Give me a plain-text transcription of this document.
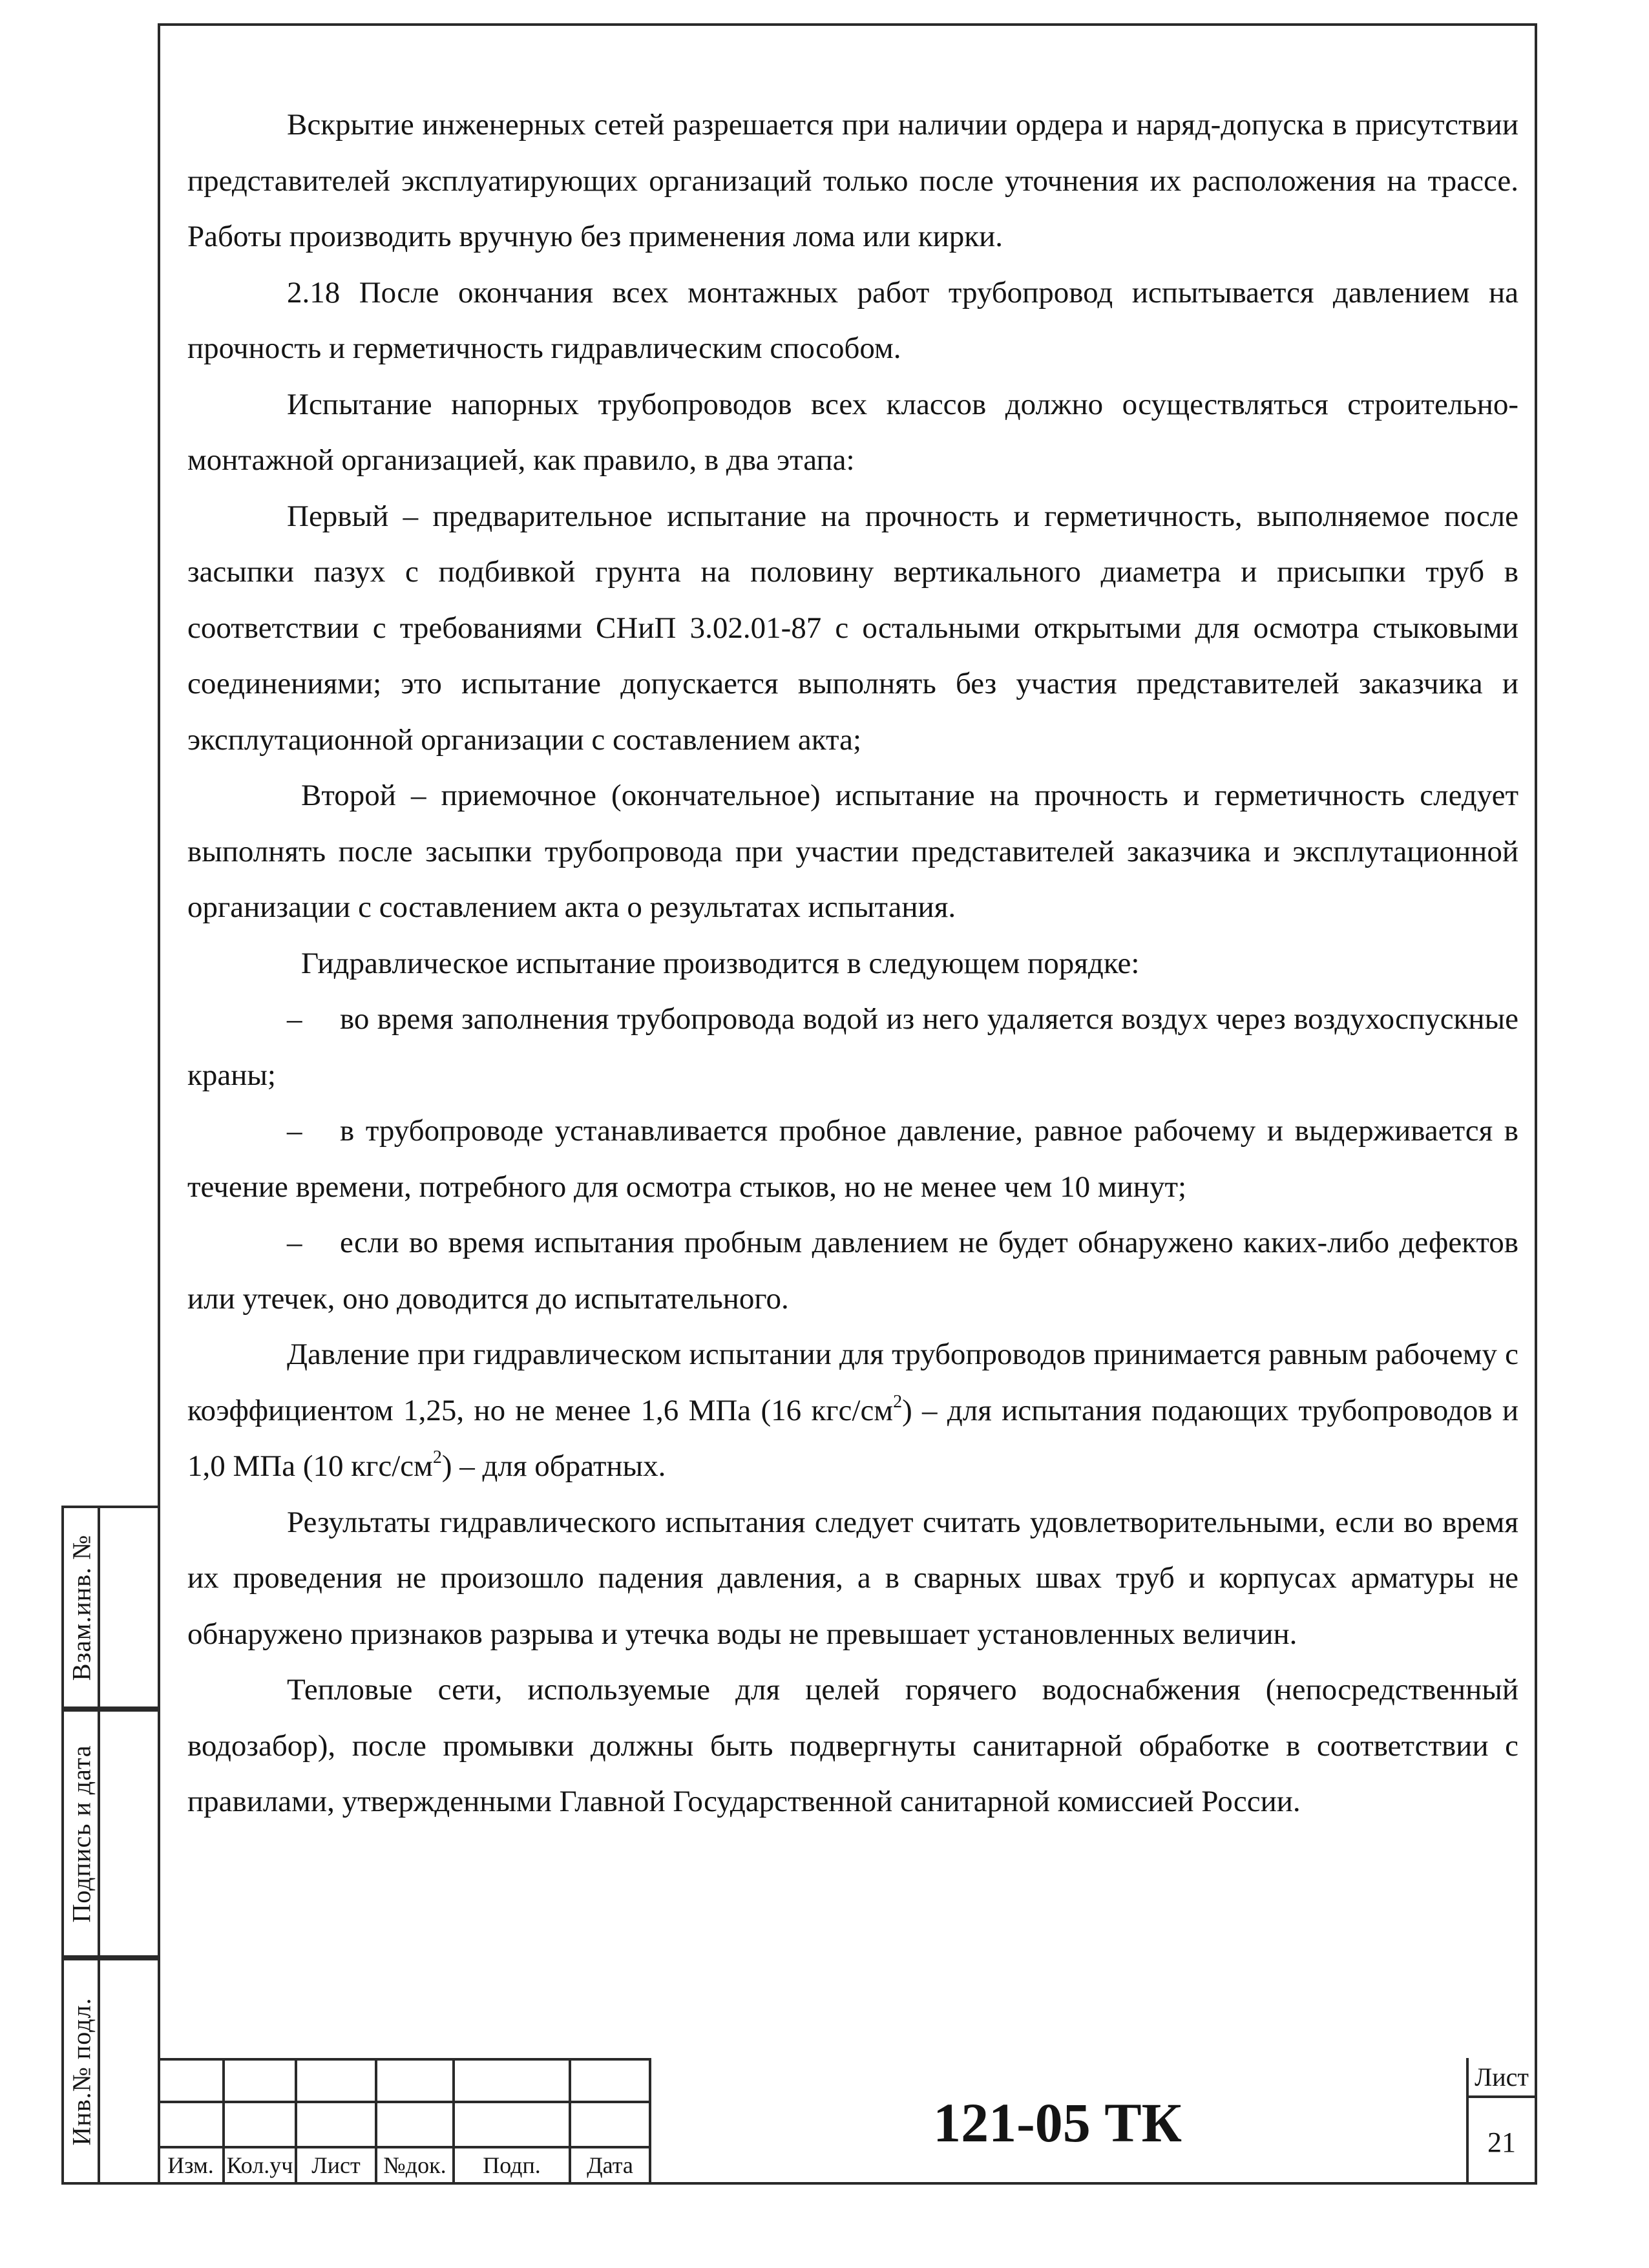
Вскрытие инженерных сетей разрешается при наличии ордера и наряд-допуска в присутствии представителей эксплуатирующих организаций только после уточнения их расположения на трассе. Работы производить вручную без применения лома или кирки.

2.18 После окончания всех монтажных работ трубопровод испытывается давлением на прочность и герметичность гидравлическим способом.

Испытание напорных трубопроводов всех классов должно осуществляться строительно-монтажной организацией, как правило, в два этапа:

Первый – предварительное испытание на прочность и герметичность, выполняемое после засыпки пазух с подбивкой грунта на половину вертикального диаметра и присыпки труб в соответствии с требованиями СНиП 3.02.01-87 с остальными открытыми для осмотра стыковыми соединениями; это испытание допускается выполнять без участия представителей заказчика и эксплутационной организации с составлением акта;

Второй – приемочное (окончательное) испытание на прочность и герметичность следует выполнять после засыпки трубопровода при участии представителей заказчика и эксплутационной организации с составлением акта о результатах испытания.

Гидравлическое испытание производится в следующем порядке:

– во время заполнения трубопровода водой из него удаляется воздух через воздухоспускные краны;

– в трубопроводе устанавливается пробное давление, равное рабочему и выдерживается в течение времени, потребного для осмотра стыков, но не менее чем 10 минут;

– если во время испытания пробным давлением не будет обнаружено каких-либо дефектов или утечек, оно доводится до испытательного.

Давление при гидравлическом испытании для трубопроводов принимается равным рабочему с коэффициентом 1,25, но не менее 1,6 МПа (16 кгс/$см^2$) – для испытания подающих трубопроводов и 1,0 МПа (10 кгс/$см^2$) – для обратных.

Результаты гидравлического испытания следует считать удовлетворительными, если во время их проведения не произошло падения давления, а в сварных швах труб и корпусах арматуры не обнаружено признаков разрыва и утечка воды не превышает установленных величин.

Тепловые сети, используемые для целей горячего водоснабжения (непосредственный водозабор), после промывки должны быть подвергнуты санитарной обработке в соответствии с правилами, утвержденными Главной Государственной санитарной комиссией России.

Взам.инв. №
Подпись и дата
Инв.№ подл.
Изм. Кол.уч Лист №док.	Подп.	Дата
121-05 ТК
Лист
21
